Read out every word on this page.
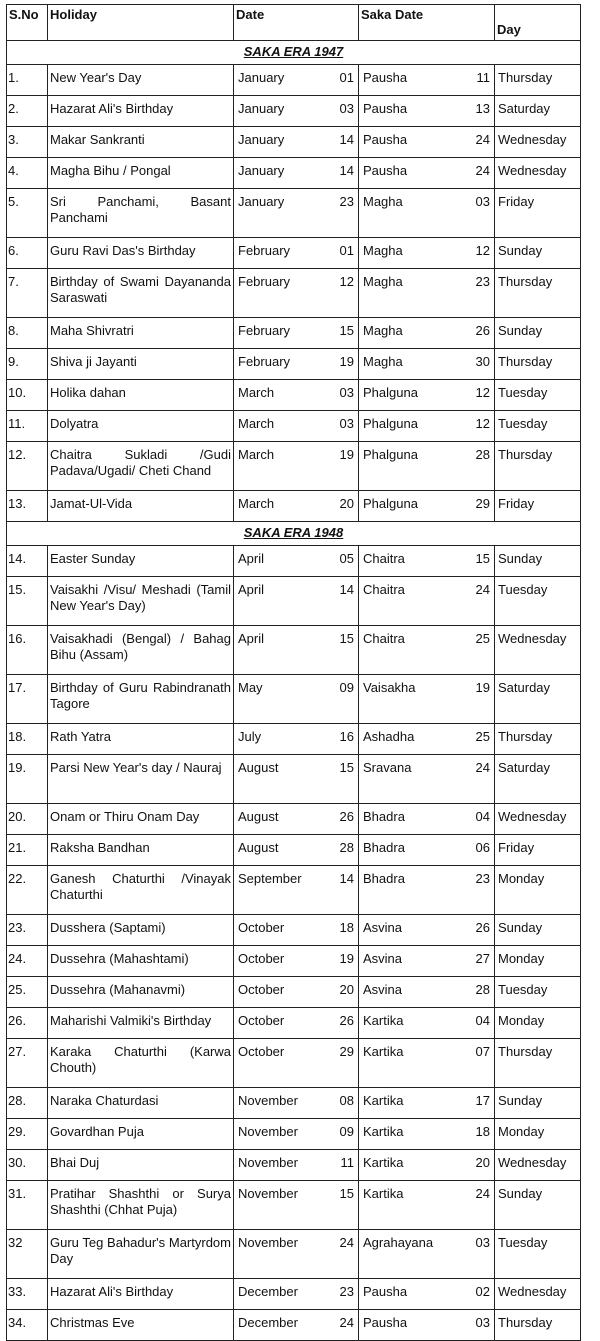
S.No	Holiday	Date	Saka Date	Day
SAKA ERA 1947				
1.	New Year's Day	January 01	Pausha 11	Thursday
2.	Hazarat Ali's Birthday	January 03	Pausha 13	Saturday
3.	Makar Sankranti	January 14	Pausha 24	Wednesday
4.	Magha Bihu / Pongal	January 14	Pausha 24	Wednesday
5.	Sri Panchami, Basant Panchami	January 23	Magha 03	Friday
6.	Guru Ravi Das's Birthday	February 01	Magha 12	Sunday
7.	Birthday of Swami Dayananda Saraswati	February 12	Magha 23	Thursday
8.	Maha Shivratri	February 15	Magha 26	Sunday
9.	Shiva ji Jayanti	February 19	Magha 30	Thursday
10.	Holika dahan	March 03	Phalguna 12	Tuesday
11.	Dolyatra	March 03	Phalguna 12	Tuesday
12.	Chaitra Sukladi /Gudi Padava/Ugadi/ Cheti Chand	March 19	Phalguna 28	Thursday
13.	Jamat-Ul-Vida	March 20	Phalguna 29	Friday
SAKA ERA 1948				
14.	Easter Sunday	April 05	Chaitra 15	Sunday
15.	Vaisakhi /Visu/ Meshadi (Tamil New Year's Day)	April 14	Chaitra 24	Tuesday
16.	Vaisakhadi (Bengal) / Bahag Bihu (Assam)	April 15	Chaitra 25	Wednesday
17.	Birthday of Guru Rabindranath Tagore	May 09	Vaisakha 19	Saturday
18.	Rath Yatra	July 16	Ashadha 25	Thursday
19.	Parsi New Year's day / Nauraj	August 15	Sravana 24	Saturday
20.	Onam or Thiru Onam Day	August 26	Bhadra 04	Wednesday
21.	Raksha Bandhan	August 28	Bhadra 06	Friday
22.	Ganesh Chaturthi /Vinayak Chaturthi	September 14	Bhadra 23	Monday
23.	Dusshera (Saptami)	October 18	Asvina 26	Sunday
24.	Dussehra (Mahashtami)	October 19	Asvina 27	Monday
25.	Dussehra (Mahanavmi)	October 20	Asvina 28	Tuesday
26.	Maharishi Valmiki's Birthday	October 26	Kartika 04	Monday
27.	Karaka Chaturthi (Karwa Chouth)	October 29	Kartika 07	Thursday
28.	Naraka Chaturdasi	November 08	Kartika 17	Sunday
29.	Govardhan Puja	November 09	Kartika 18	Monday
30.	Bhai Duj	November 11	Kartika 20	Wednesday
31.	Pratihar Shashthi or Surya Shashthi (Chhat Puja)	November 15	Kartika 24	Sunday
32	Guru Teg Bahadur's Martyrdom Day	November 24	Agrahayana 03	Tuesday
33.	Hazarat Ali's Birthday	December 23	Pausha 02	Wednesday
34.	Christmas Eve	December 24	Pausha 03	Thursday
